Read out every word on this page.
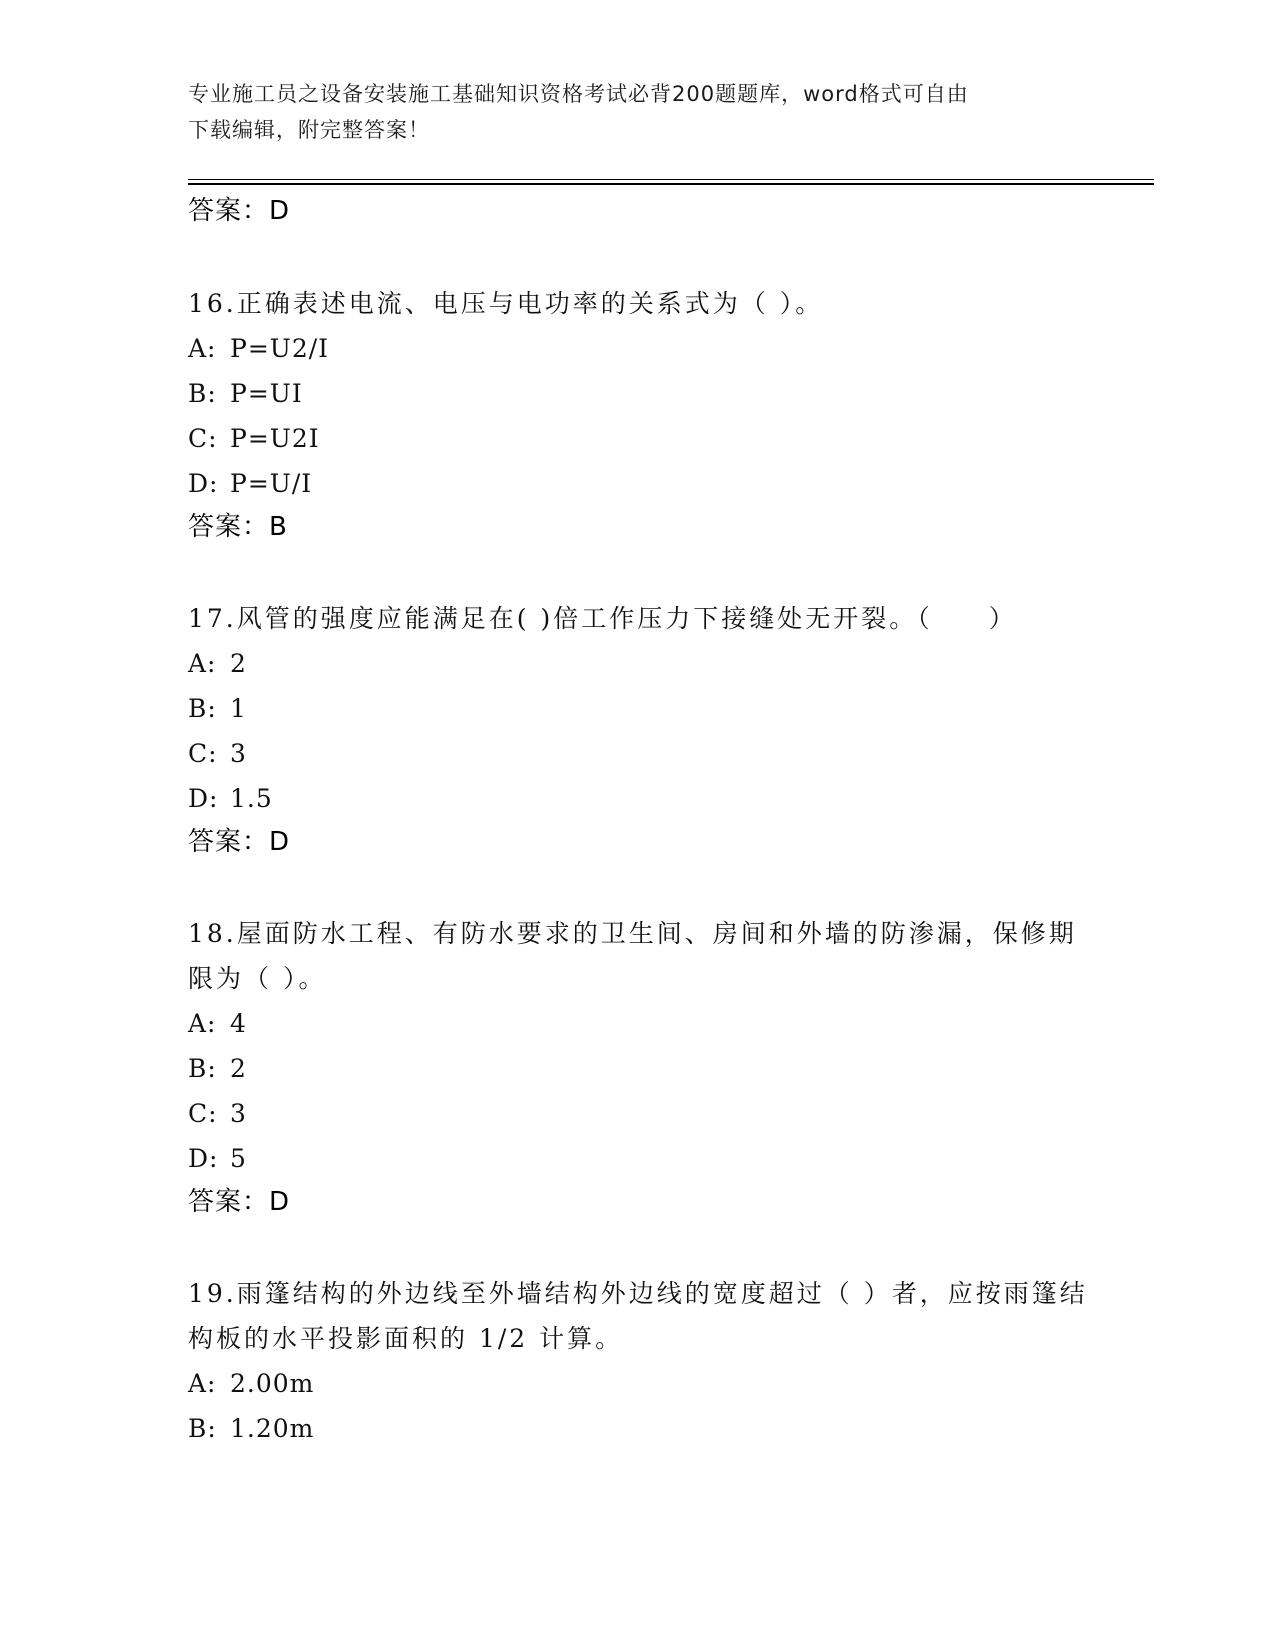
专业施工员之设备安装施工基础知识资格考试必背200题题库，word格式可自由
下载编辑，附完整答案！
答案：D
16.正确表述电流、电压与电功率的关系式为（ ）。
A: P=U2/I
B: P=UI
C: P=U2I
D: P=U/I
答案：B
17.风管的强度应能满足在( )倍工作压力下接缝处无开裂。（　　）
A: 2
B: 1
C: 3
D: 1.5
答案：D
18.屋面防水工程、有防水要求的卫生间、房间和外墙的防渗漏，保修期限为（ ）。
A: 4
B: 2
C: 3
D: 5
答案：D
19.雨篷结构的外边线至外墙结构外边线的宽度超过（ ）者，应按雨篷结构板的水平投影面积的 1/2 计算。
A: 2.00m
B: 1.20m
